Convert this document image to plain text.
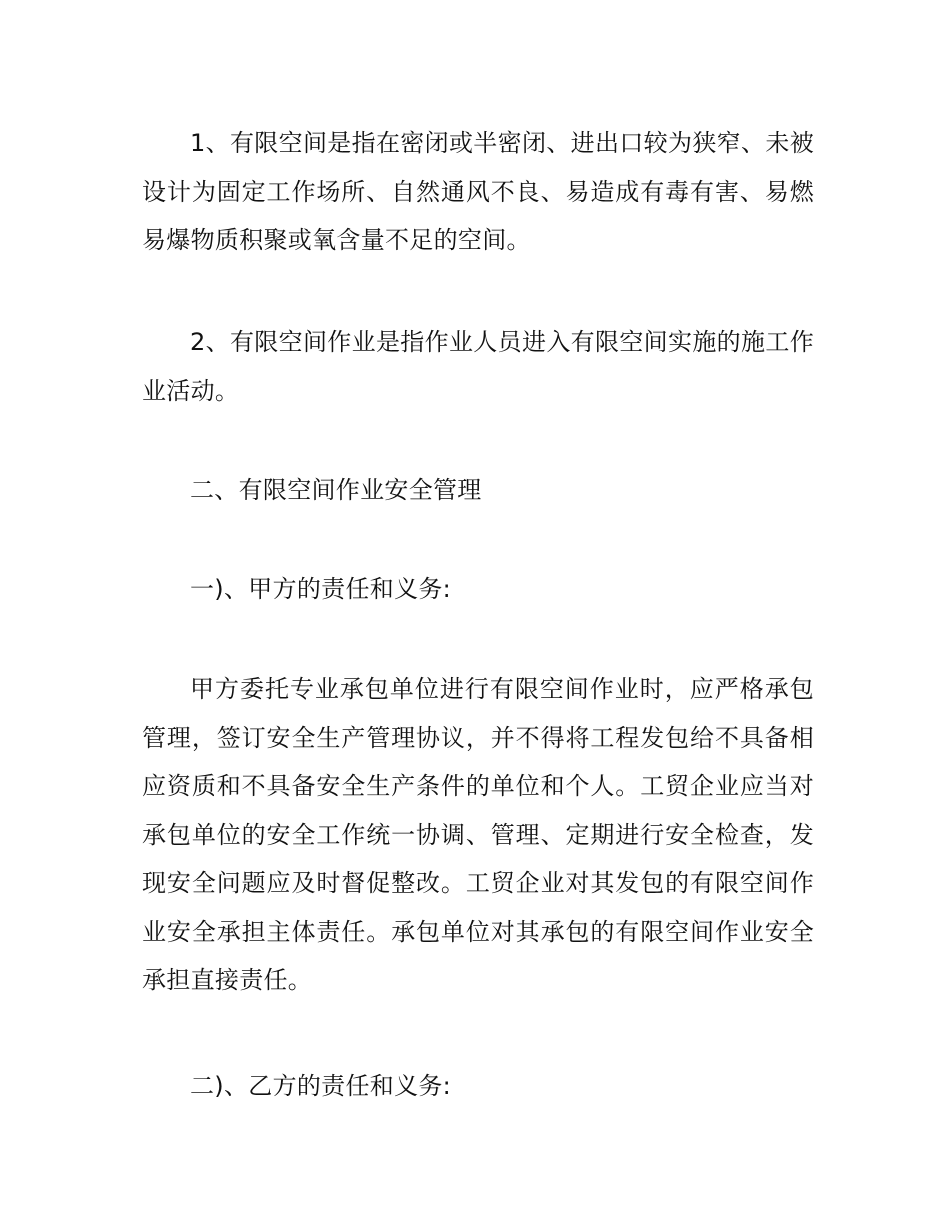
1、有限空间是指在密闭或半密闭、进出口较为狭窄、未被设计为固定工作场所、自然通风不良、易造成有毒有害、易燃易爆物质积聚或氧含量不足的空间。

2、有限空间作业是指作业人员进入有限空间实施的施工作业活动。

二、有限空间作业安全管理

一)、甲方的责任和义务:

甲方委托专业承包单位进行有限空间作业时，应严格承包管理，签订安全生产管理协议，并不得将工程发包给不具备相应资质和不具备安全生产条件的单位和个人。工贸企业应当对承包单位的安全工作统一协调、管理、定期进行安全检查，发现安全问题应及时督促整改。工贸企业对其发包的有限空间作业安全承担主体责任。承包单位对其承包的有限空间作业安全承担直接责任。

二)、乙方的责任和义务:
